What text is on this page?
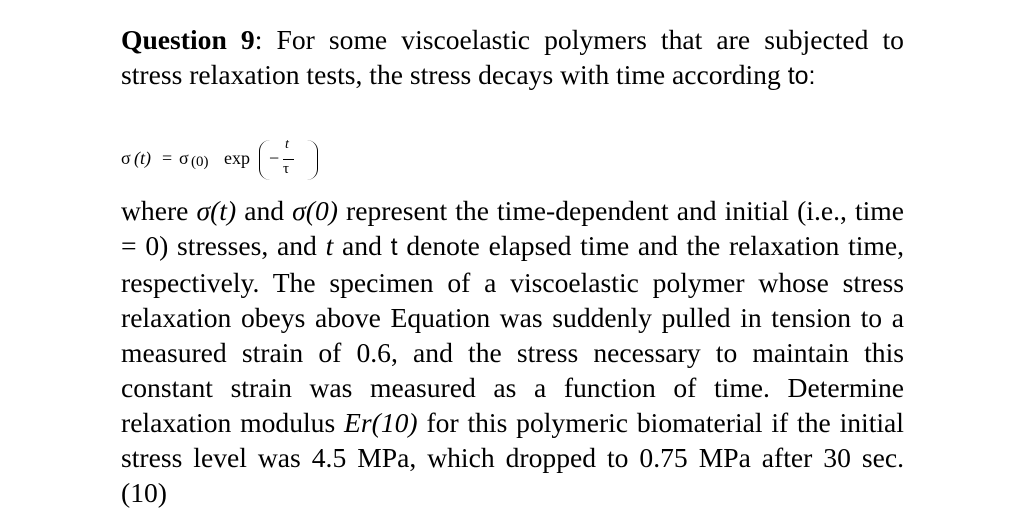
Question 9: For some viscoelastic polymers that are subjected to stress relaxation tests, the stress decays with time according to:
σ (t) = σ (0) exp −
t
τ
where σ(t) and σ(0) represent the time-dependent and initial (i.e., time = 0) stresses, and t and t denote elapsed time and the relaxation time, respectively. The specimen of a viscoelastic polymer whose stress relaxation obeys above Equation was suddenly pulled in tension to a measured strain of 0.6, and the stress necessary to maintain this constant strain was measured as a function of time. Determine relaxation modulus Er(10) for this polymeric biomaterial if the initial stress level was 4.5 MPa, which dropped to 0.75 MPa after 30 sec. (10)
